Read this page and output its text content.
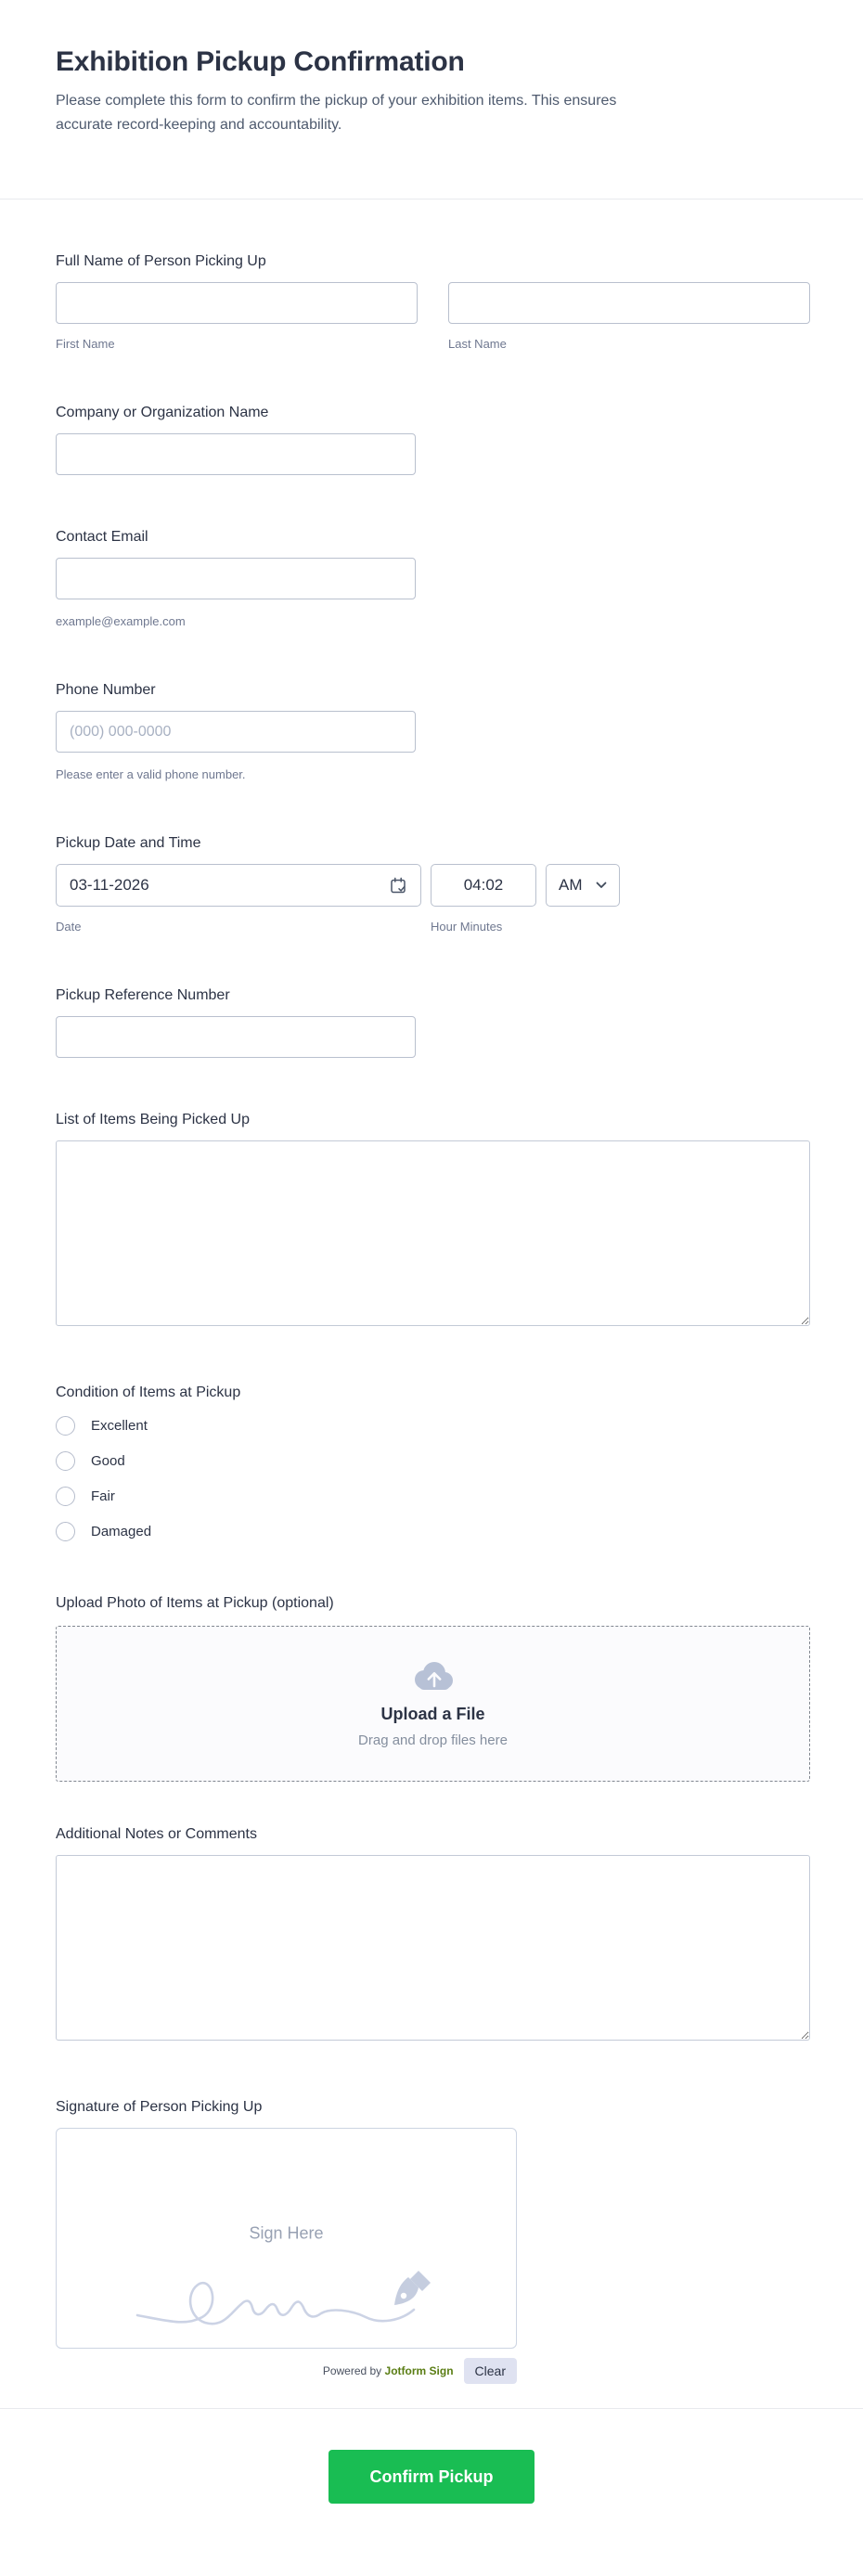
Exhibition Pickup Confirmation

Please complete this form to confirm the pickup of your exhibition items. This ensures accurate record-keeping and accountability.

Full Name of Person Picking Up
First Name	Last Name
Company or Organization Name
Contact Email
example@example.com
Phone Number
(000) 000-0000
Please enter a valid phone number.
Pickup Date and Time
03-11-2026
04:02
AM
Date	Hour Minutes
Pickup Reference Number
List of Items Being Picked Up
Condition of Items at Pickup
Excellent
Good
Fair
Damaged
Upload Photo of Items at Pickup (optional)
Upload a File
Drag and drop files here
Additional Notes or Comments
Signature of Person Picking Up
Sign Here
Powered by Jotform Sign	Clear
Confirm Pickup
